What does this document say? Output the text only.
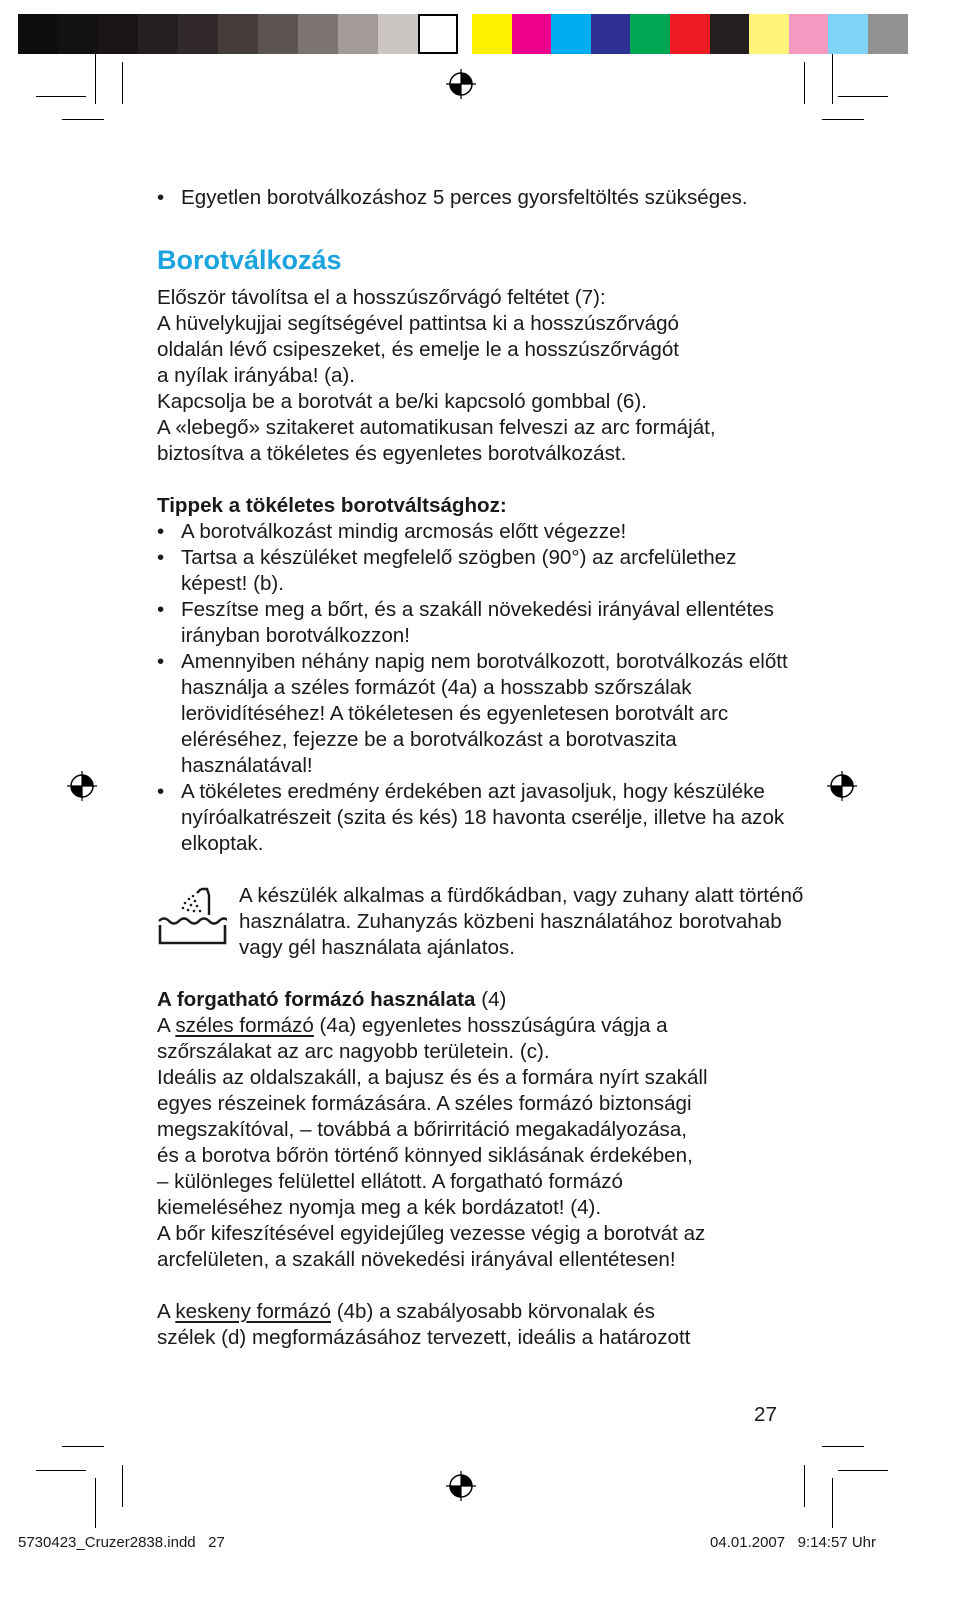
• Egyetlen borotválkozáshoz 5 perces gyorsfeltöltés szükséges.
Borotválkozás

Először távolítsa el a hosszúszőrvágó feltétet (7):

A hüvelykujjai segítségével pattintsa ki a hosszúszőrvágó

oldalán lévő csipeszeket, és emelje le a hosszúszőrvágót

a nyílak irányába! (a).

Kapcsolja be a borotvát a be/ki kapcsoló gombbal (6).

A «lebegő» szitakeret automatikusan felveszi az arc formáját,

biztosítva a tökéletes és egyenletes borotválkozást.

Tippek a tökéletes borotváltsághoz:

• A borotválkozást mindig arcmosás előtt végezze!
• Tartsa a készüléket megfelelő szögben (90°) az arcfelülethez képest! (b).
• Feszítse meg a bőrt, és a szakáll növekedési irányával ellentétes irányban borotválkozzon!
• Amennyiben néhány napig nem borotválkozott, borotválkozás előtt használja a széles formázót (4a) a hosszabb szőrszálak lerövidítéséhez! A tökéletesen és egyenletesen borotvált arc eléréséhez, fejezze be a borotválkozást a borotvaszita használatával!
• A tökéletes eredmény érdekében azt javasoljuk, hogy készüléke nyíróalkatrészeit (szita és kés) 18 havonta cserélje, illetve ha azok elkoptak.

A készülék alkalmas a fürdőkádban, vagy zuhany alatt történő használatra. Zuhanyzás közbeni használatához borotvahab vagy gél használata ajánlatos.

A forgatható formázó használata (4)

A széles formázó (4a) egyenletes hosszúságúra vágja a

szőrszálakat az arc nagyobb területein. (c).

Ideális az oldalszakáll, a bajusz és és a formára nyírt szakáll

egyes részeinek formázására. A széles formázó biztonsági

megszakítóval, – továbbá a bőrirritáció megakadályozása,

és a borotva bőrön történő könnyed siklásának érdekében,

– különleges felülettel ellátott. A forgatható formázó

kiemeléséhez nyomja meg a kék bordázatot! (4).

A bőr kifeszítésével egyidejűleg vezesse végig a borotvát az

arcfelületen, a szakáll növekedési irányával ellentétesen!

A keskeny formázó (4b) a szabályosabb körvonalak és

szélek (d) megformázásához tervezett, ideális a határozott

27
5730423_Cruzer2838.indd   27	04.01.2007   9:14:57 Uhr
